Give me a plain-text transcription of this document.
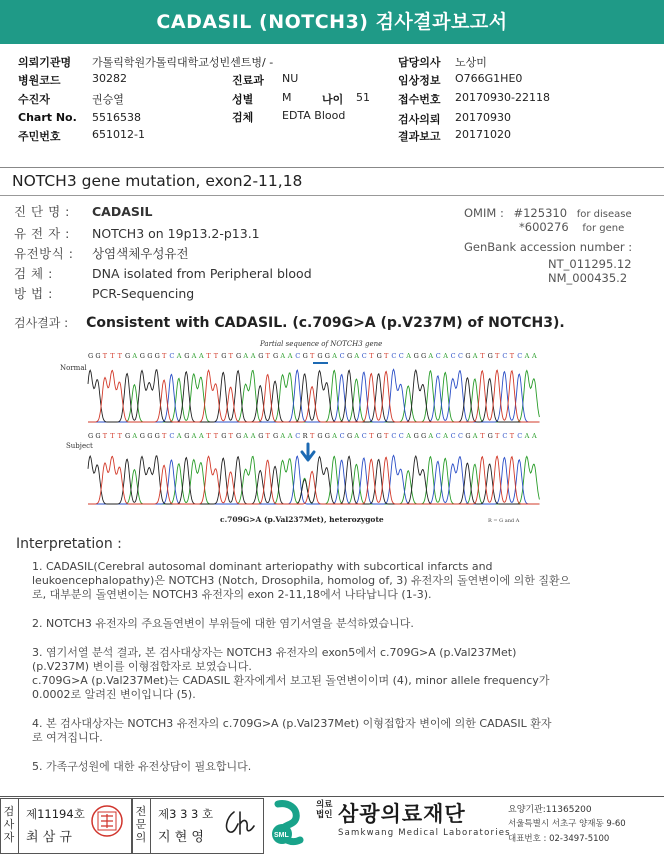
CADASIL (NOTCH3) 검사결과보고서
의뢰기관명 가톨릭학원가톨릭대학교성빈센트병/ -	담당의사 노상미
병원코드	30282	진료과 NU	임상정보 O766G1HE0
수진자	권승열	성별	M	나이 51	접수번호 20170930-22118
Chart No. 5516538	검체	EDTA Blood	검사의뢰 20170930
주민번호	651012-1	결과보고 20171020
NOTCH3 gene mutation, exon2-11,18
진 단 명 : CADASIL
유 전 자 : NOTCH3 on 19p13.2-p13.1
유전방식 : 상염색체우성유전
검 체 :	DNA isolated from Peripheral blood
방 법 :	PCR-Sequencing
OMIM : #125310 for disease
*600276 for gene
GenBank accession number :
NT_011295.12
NM_000435.2
검사결과 : Consistent with CADASIL. (c.709G>A (p.V237M) of NOTCH3).
Partial sequence of NOTCH3 gene
G G T T T G A G G G T C A G A A T T G T G A A G T G A A C G T G G A C G A C T G T C C A G G A C A C C G A T G T C T C A A
Normal
G G T T T G A G G G T C A G A A T T G T G A A G T G A A C R T G G A C G A C T G T C C A G G A C A C C G A T G T C T C A A
Subject
c.709G>A (p.Val237Met), heterozygote	R = G and A
Interpretation :
1. CADASIL(Cerebral autosomal dominant arteriopathy with subcortical infarcts and
leukoencephalopathy)은 NOTCH3 (Notch, Drosophila, homolog of, 3) 유전자의 돌연변이에 의한 질환으
로, 대부분의 돌연변이는 NOTCH3 유전자의 exon 2-11,18에서 나타납니다 (1-3).
2. NOTCH3 유전자의 주요돌연변이 부위들에 대한 염기서열을 분석하였습니다.
3. 염기서열 분석 결과, 본 검사대상자는 NOTCH3 유전자의 exon5에서 c.709G>A (p.Val237Met)
(p.V237M) 변이를 이형접합자로 보였습니다.
c.709G>A (p.Val237Met)는 CADASIL 환자에게서 보고된 돌연변이이며 (4), minor allele frequency가
0.0002로 알려진 변이입니다 (5).
4. 본 검사대상자는 NOTCH3 유전자의 c.709G>A (p.Val237Met) 이형접합자 변이에 의한 CADASIL 환자
로 여겨집니다.
5. 가족구성원에 대한 유전상담이 필요합니다.
검사자
제11194호
최 삼 규
전문의
제3 3 3 호
지 현 영	SML
의료
법인 삼광의료재단
Samkwang Medical Laboratories
요양기관:11365200
서울특별시 서초구 양재동 9-60
대표번호 : 02-3497-5100
